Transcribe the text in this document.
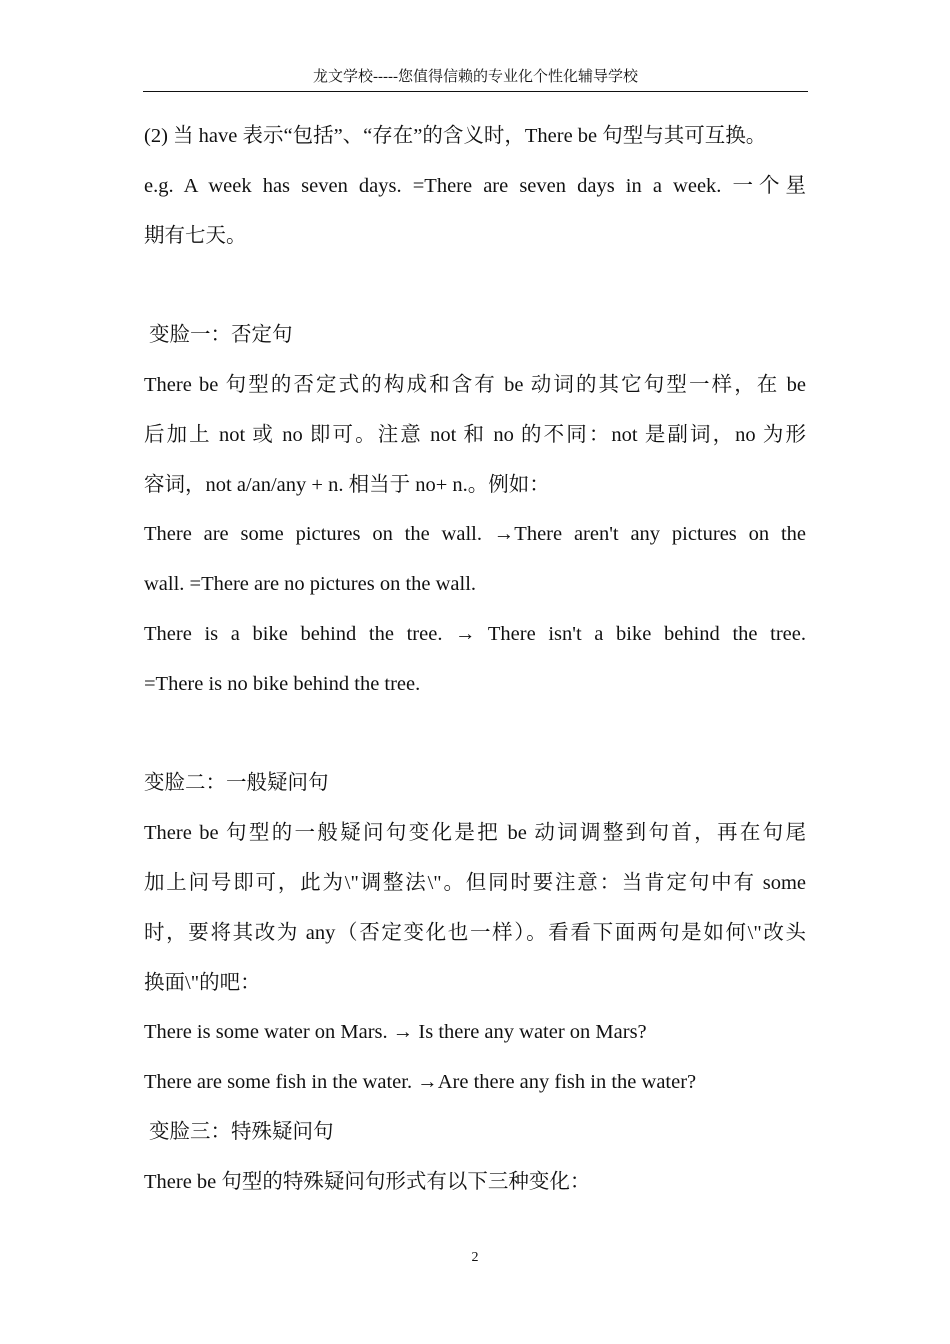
龙文学校-----您值得信赖的专业化个性化辅导学校
(2) 当 have 表示“包括”、“存在”的含义时，There be 句型与其可互换。
e.g. A week has seven days. =There are seven days in a week. 一个星
期有七天。
变脸一：否定句
There be 句型的否定式的构成和含有 be 动词的其它句型一样，在 be
后加上 not 或 no 即可。注意 not 和 no 的不同：not 是副词，no 为形
容词，not a/an/any + n. 相当于 no+ n.。例如：
There are some pictures on the wall. →There aren't any pictures on the
wall. =There are no pictures on the wall.
There is a bike behind the tree. → There isn't a bike behind the tree.
=There is no bike behind the tree.
变脸二：一般疑问句
There be 句型的一般疑问句变化是把 be 动词调整到句首，再在句尾
加上问号即可，此为\"调整法\"。但同时要注意：当肯定句中有 some
时，要将其改为 any（否定变化也一样）。看看下面两句是如何\"改头
换面\"的吧：
There is some water on Mars. → Is there any water on Mars?
There are some fish in the water. →Are there any fish in the water?
变脸三：特殊疑问句
There be 句型的特殊疑问句形式有以下三种变化：
2
